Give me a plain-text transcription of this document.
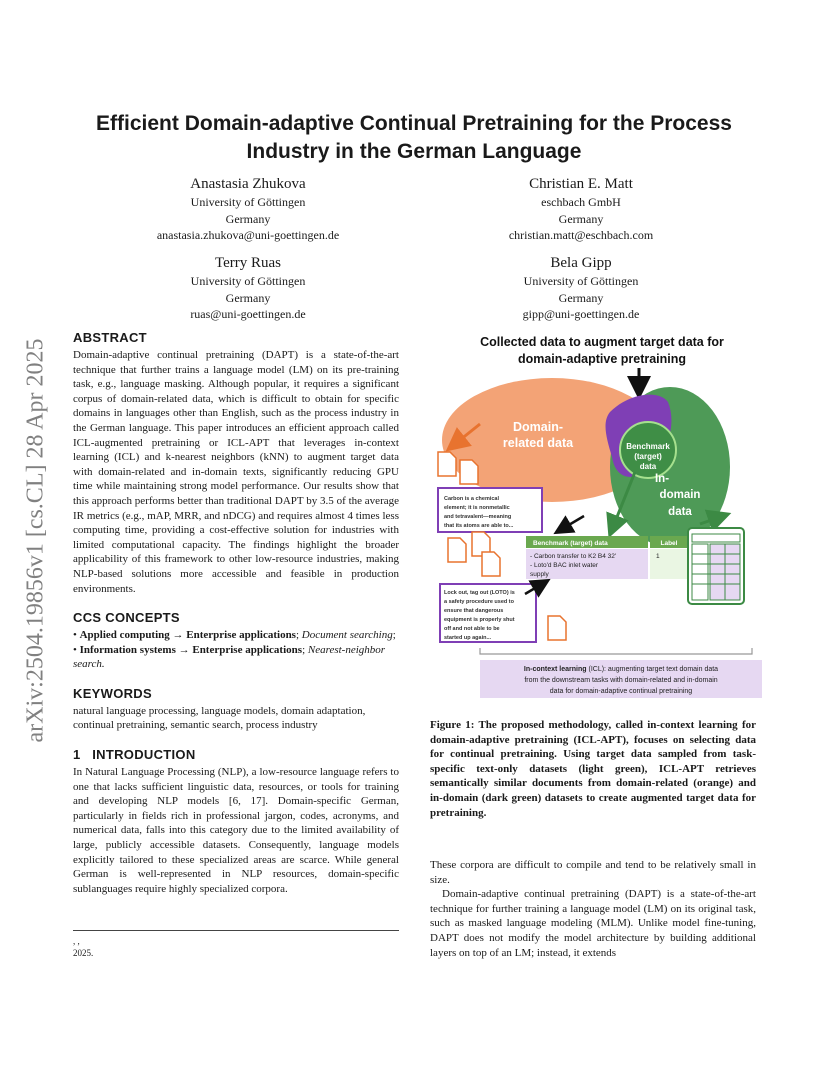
arXiv:2504.19856v1 [cs.CL] 28 Apr 2025
Efficient Domain-adaptive Continual Pretraining for the Process Industry in the German Language
Anastasia Zhukova
University of Göttingen
Germany
anastasia.zhukova@uni-goettingen.de
Christian E. Matt
eschbach GmbH
Germany
christian.matt@eschbach.com
Terry Ruas
University of Göttingen
Germany
ruas@uni-goettingen.de
Bela Gipp
University of Göttingen
Germany
gipp@uni-goettingen.de
ABSTRACT

Domain-adaptive continual pretraining (DAPT) is a state-of-the-art technique that further trains a language model (LM) on its pre-training task, e.g., language masking. Although popular, it requires a significant corpus of domain-related data, which is difficult to obtain for specific domains in languages other than English, such as the process industry in the German language. This paper introduces an efficient approach called ICL-augmented pretraining or ICL-APT that leverages in-context learning (ICL) and k-nearest neighbors (kNN) to augment target data with domain-related and in-domain texts, significantly reducing GPU time while maintaining strong model performance. Our results show that this approach performs better than traditional DAPT by 3.5 of the average IR metrics (e.g., mAP, MRR, and nDCG) and requires almost 4 times less computing time, providing a cost-effective solution for industries with limited computational capacity. The findings highlight the broader applicability of this framework to other low-resource industries, making NLP-based solutions more accessible and feasible in production environments.

CCS CONCEPTS

• Applied computing → Enterprise applications; Document searching; • Information systems → Enterprise applications; Nearest-neighbor search.

KEYWORDS

natural language processing, language models, domain adaptation, continual pretraining, semantic search, process industry

1   INTRODUCTION

In Natural Language Processing (NLP), a low-resource language refers to one that lacks sufficient linguistic data, resources, or tools for training and developing NLP models [6, 17]. Domain-specific German, particularly in fields rich in professional jargon, codes, acronyms, and numerical data, falls into this category due to the limited availability of large, publicly accessible datasets. Consequently, language models explicitly tailored to these specialized areas are scarce. While general German is well-represented in NLP resources, domain-specific sublanguages require highly specialized corpora.

, ,
2025.
Collected data to augment target data for
domain-adaptive pretraining
Domain-
related data	Benchmark
(target)
data
In-
domain
data
Carbon is a chemical
element; it is nonmetallic
and tetravalent—meaning
that its atoms are able to...
Benchmark (target) data	Label
- Carbon transfer to K2 B4 32'
- Loto'd BAC inlet water
supply
1
Lock out, tag out (LOTO) is
a safety procedure used to
ensure that dangerous
equipment is properly shut
off and not able to be
started up again...
In-context learning (ICL): augmenting target text domain data
from the downstream tasks with domain-related and in-domain
data for domain-adaptive continual pretraining

Figure 1: The proposed methodology, called in-context learning for domain-adaptive pretraining (ICL-APT), focuses on selecting data for continual pretraining. Using target data sampled from task-specific text-only datasets (light green), ICL-APT retrieves semantically similar documents from domain-related (orange) and in-domain (dark green) datasets to create augmented target data for pretraining.

These corpora are difficult to compile and tend to be relatively small in size.

Domain-adaptive continual pretraining (DAPT) is a state-of-the-art technique for further training a language model (LM) on its original task, such as masked language modeling (MLM). Unlike model fine-tuning, DAPT does not modify the model architecture by building additional layers on top of an LM; instead, it extends
